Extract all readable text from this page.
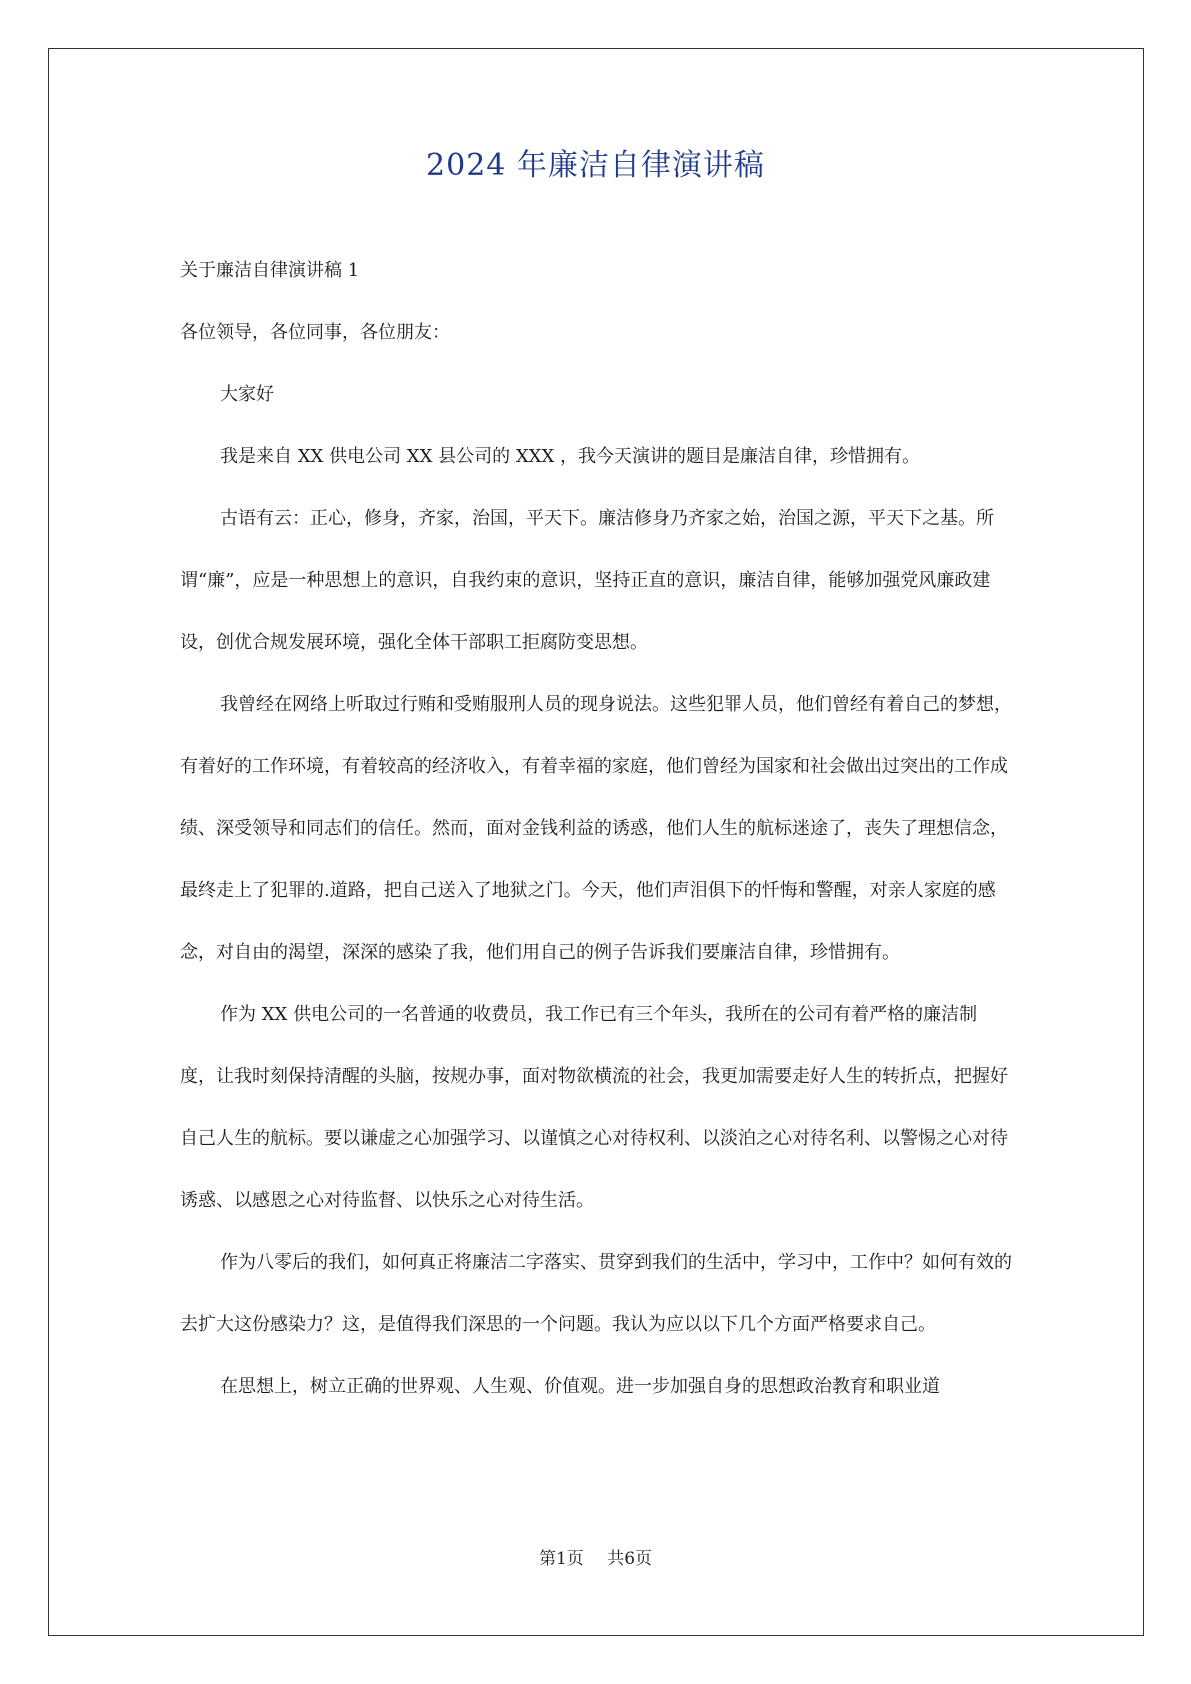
2024 年廉洁自律演讲稿

关于廉洁自律演讲稿 1

各位领导，各位同事，各位朋友：

大家好

我是来自 XX 供电公司 XX 县公司的 XXX ，我今天演讲的题目是廉洁自律，珍惜拥有。

古语有云：正心，修身，齐家，治国，平天下。廉洁修身乃齐家之始，治国之源，平天下之基。所谓“廉”，应是一种思想上的意识，自我约束的意识，坚持正直的意识，廉洁自律，能够加强党风廉政建设，创优合规发展环境，强化全体干部职工拒腐防变思想。

我曾经在网络上听取过行贿和受贿服刑人员的现身说法。这些犯罪人员，他们曾经有着自己的梦想，有着好的工作环境，有着较高的经济收入，有着幸福的家庭，他们曾经为国家和社会做出过突出的工作成绩、深受领导和同志们的信任。然而，面对金钱利益的诱惑，他们人生的航标迷途了，丧失了理想信念，最终走上了犯罪的.道路，把自己送入了地狱之门。今天，他们声泪俱下的忏悔和警醒，对亲人家庭的感念，对自由的渴望，深深的感染了我，他们用自己的例子告诉我们要廉洁自律，珍惜拥有。

作为 XX 供电公司的一名普通的收费员，我工作已有三个年头，我所在的公司有着严格的廉洁制度，让我时刻保持清醒的头脑，按规办事，面对物欲横流的社会，我更加需要走好人生的转折点，把握好自己人生的航标。要以谦虚之心加强学习、以谨慎之心对待权利、以淡泊之心对待名利、以警惕之心对待诱惑、以感恩之心对待监督、以快乐之心对待生活。

作为八零后的我们，如何真正将廉洁二字落实、贯穿到我们的生活中，学习中，工作中？如何有效的去扩大这份感染力？这，是值得我们深思的一个问题。我认为应以以下几个方面严格要求自己。

在思想上，树立正确的世界观、人生观、价值观。进一步加强自身的思想政治教育和职业道

第1页 共6页
